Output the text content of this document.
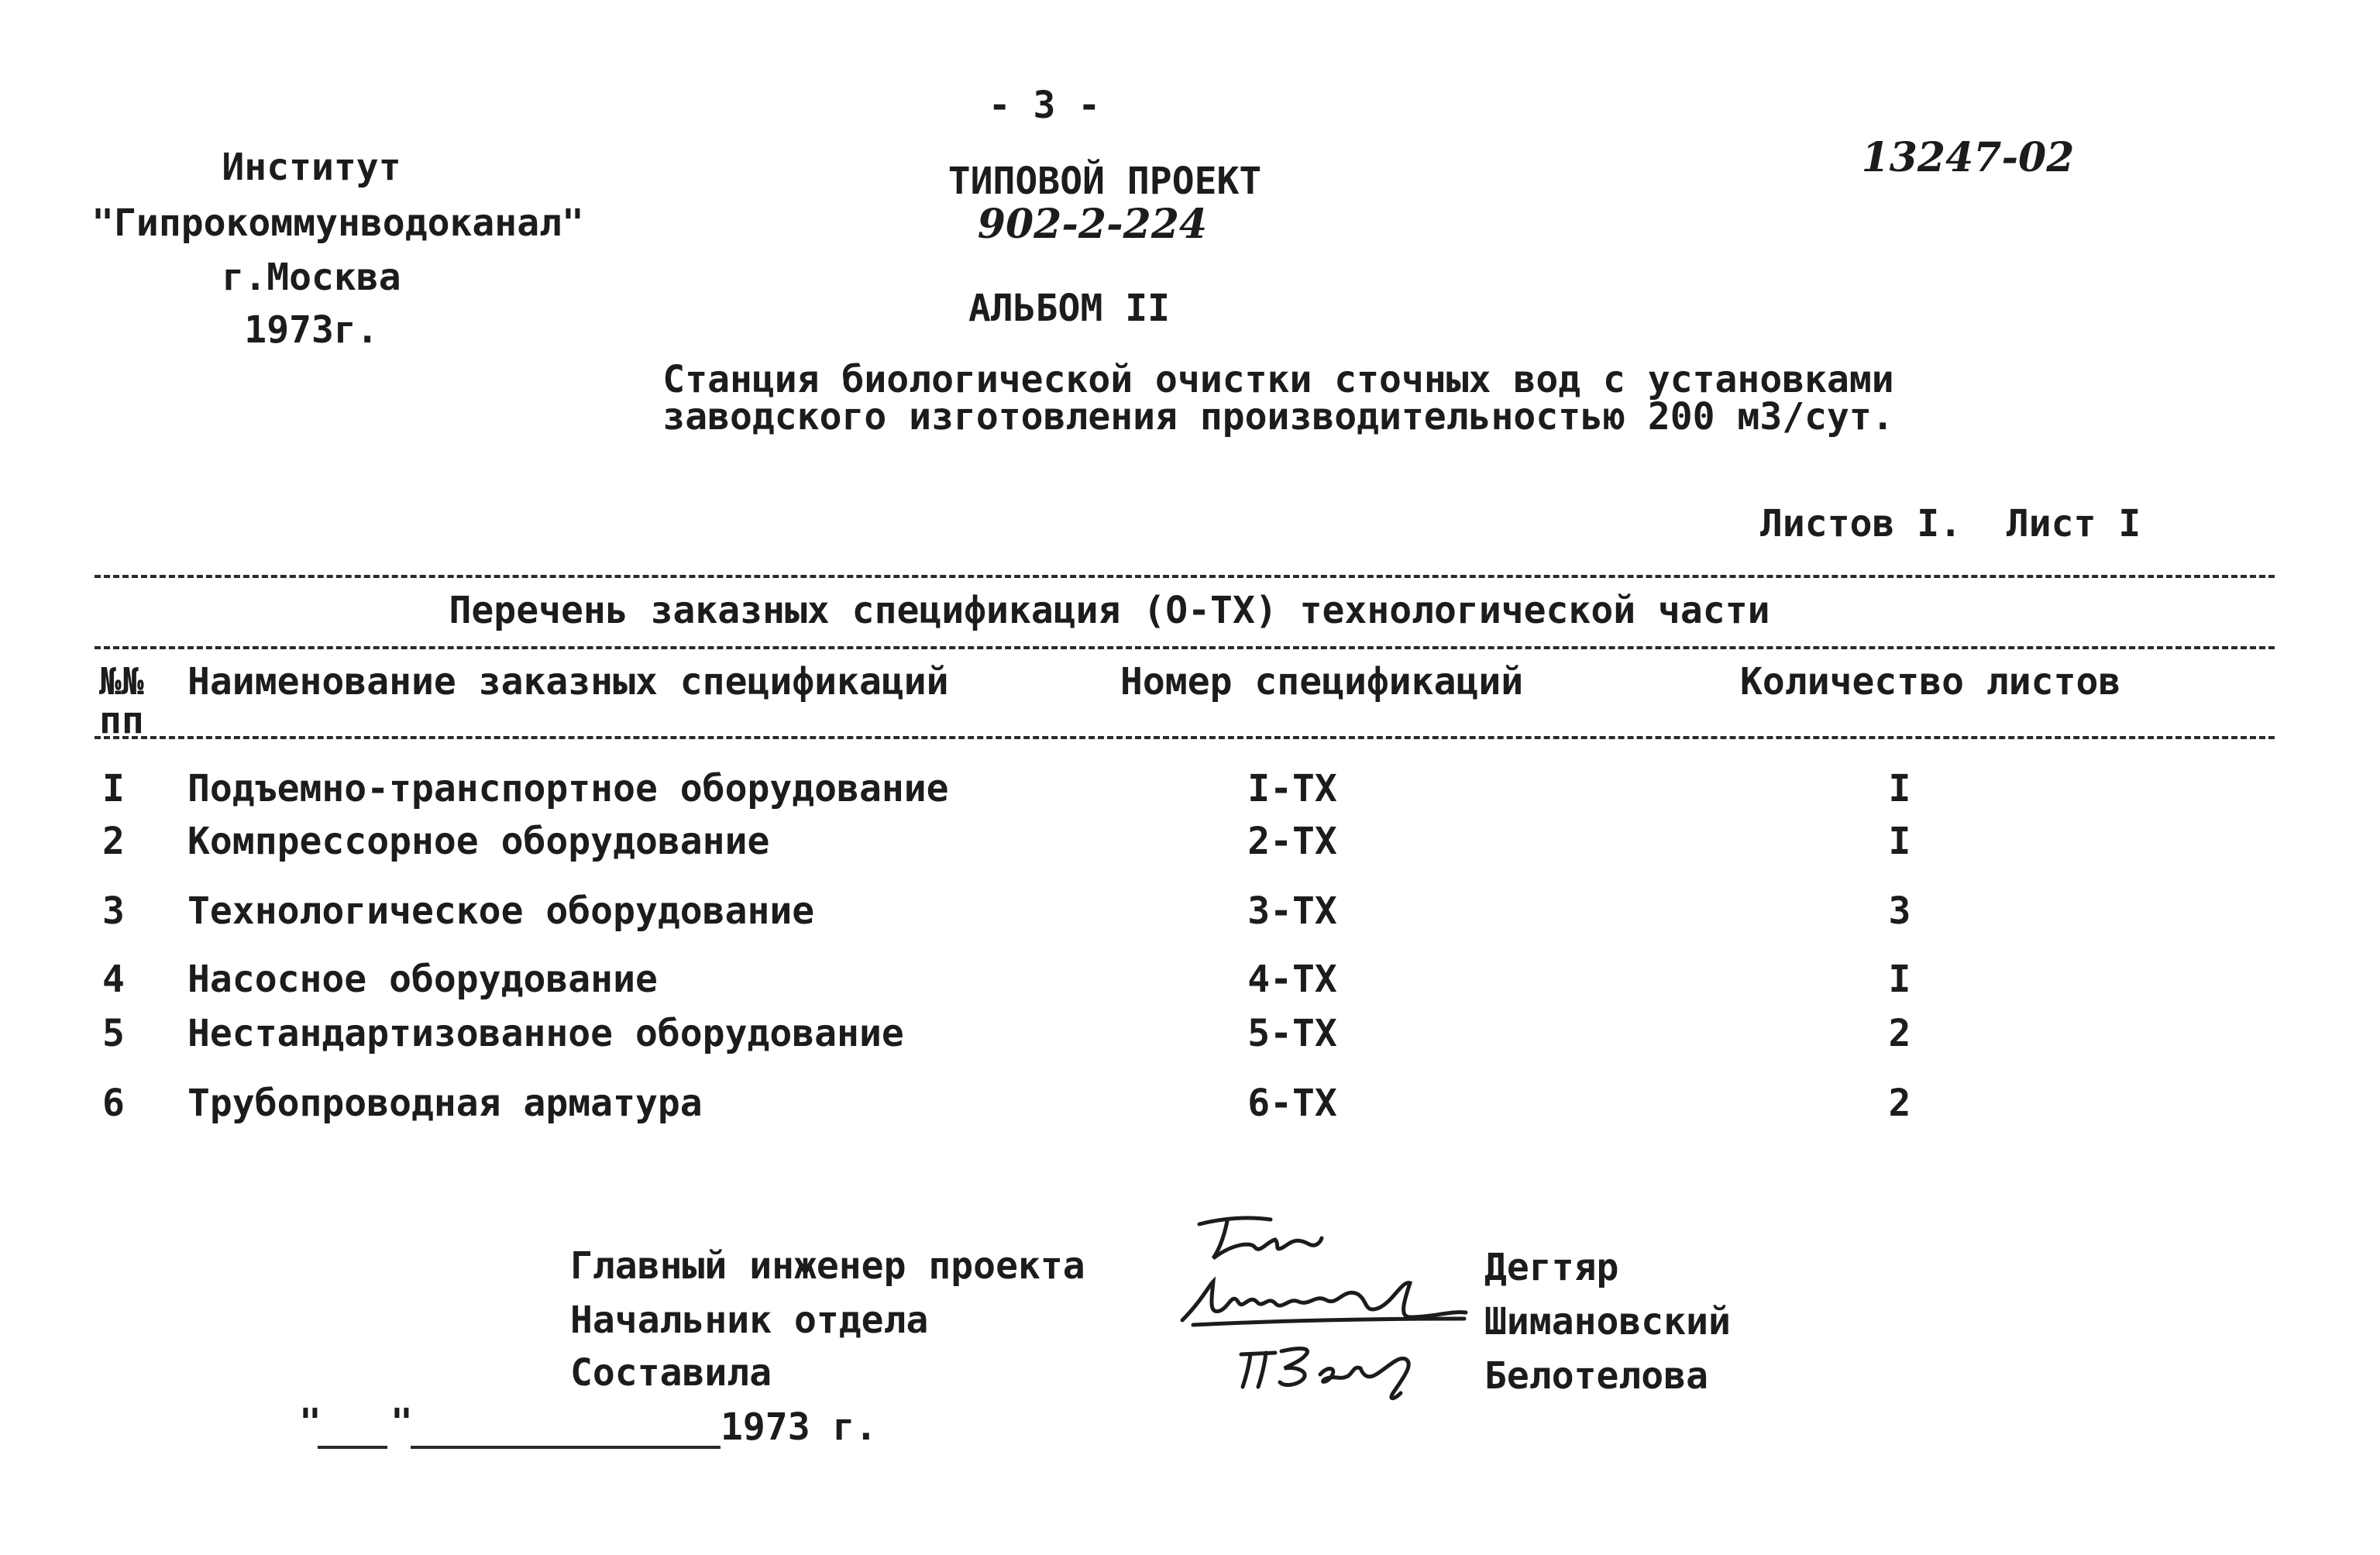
- 3 -
Институт
"Гипрокоммунводоканал"
г.Москва
1973г.
ТИПОВОЙ ПРОЕКТ
902-2-224
13247-02
АЛЬБОМ II
Станция биологической очистки сточных вод с установками
заводского изготовления производительностью 200 м3/сут.
Листов I.  Лист I
Перечень заказных спецификация (О-ТХ) технологической части
№№
пп
Наименование заказных спецификаций	Номер спецификаций	Количество листов
I Подъемно-транспортное оборудование	I-ТХ	I
2 Компрессорное оборудование	2-ТХ	I
3 Технологическое оборудование	3-ТХ	3
4 Насосное оборудование	4-ТХ	I
5 Нестандартизованное оборудование	5-ТХ	2
6 Трубопроводная арматура	6-ТХ	2
Главный инженер проекта
Начальник отдела
Составила
Дегтяр
Шимановский
Белотелова
" "	1973 г.
